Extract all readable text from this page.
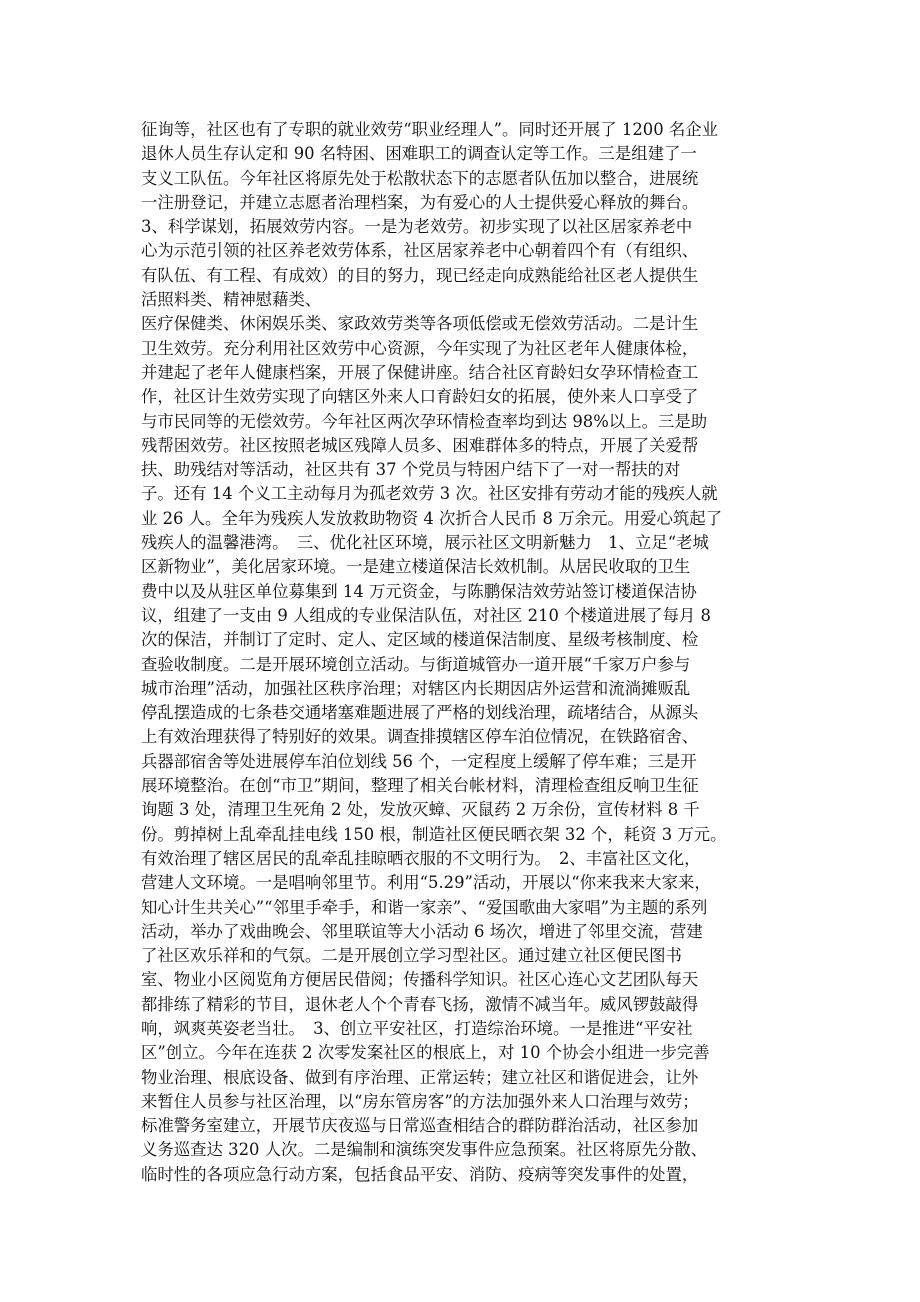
征询等，社区也有了专职的就业效劳“职业经理人”。同时还开展了 1200 名企业
退休人员生存认定和 90 名特困、困难职工的调查认定等工作。三是组建了一
支义工队伍。今年社区将原先处于松散状态下的志愿者队伍加以整合，进展统
一注册登记，并建立志愿者治理档案，为有爱心的人士提供爱心释放的舞台。
3、科学谋划，拓展效劳内容。一是为老效劳。初步实现了以社区居家养老中
心为示范引领的社区养老效劳体系，社区居家养老中心朝着四个有（有组织、
有队伍、有工程、有成效）的目的努力，现已经走向成熟能给社区老人提供生
活照料类、精神慰藉类、
医疗保健类、休闲娱乐类、家政效劳类等各项低偿或无偿效劳活动。二是计生
卫生效劳。充分利用社区效劳中心资源，今年实现了为社区老年人健康体检，
并建起了老年人健康档案，开展了保健讲座。结合社区育龄妇女孕环情检查工
作，社区计生效劳实现了向辖区外来人口育龄妇女的拓展，使外来人口享受了
与市民同等的无偿效劳。今年社区两次孕环情检查率均到达 98%以上。三是助
残帮困效劳。社区按照老城区残障人员多、困难群体多的特点，开展了关爱帮
扶、助残结对等活动，社区共有 37 个党员与特困户结下了一对一帮扶的对
子。还有 14 个义工主动每月为孤老效劳 3 次。社区安排有劳动才能的残疾人就
业 26 人。全年为残疾人发放救助物资 4 次折合人民币 8 万余元。用爱心筑起了
残疾人的温馨港湾。　三、优化社区环境，展示社区文明新魅力　1、立足“老城
区新物业”，美化居家环境。一是建立楼道保洁长效机制。从居民收取的卫生
费中以及从驻区单位募集到 14 万元资金，与陈鹏保洁效劳站签订楼道保洁协
议，组建了一支由 9 人组成的专业保洁队伍，对社区 210 个楼道进展了每月 8
次的保洁，并制订了定时、定人、定区域的楼道保洁制度、星级考核制度、检
查验收制度。二是开展环境创立活动。与街道城管办一道开展“千家万户参与
城市治理”活动，加强社区秩序治理；对辖区内长期因店外运营和流淌摊贩乱
停乱摆造成的七条巷交通堵塞难题进展了严格的划线治理，疏堵结合，从源头
上有效治理获得了特别好的效果。调查排摸辖区停车泊位情况，在铁路宿舍、
兵器部宿舍等处进展停车泊位划线 56 个，一定程度上缓解了停车难；三是开
展环境整治。在创“市卫”期间，整理了相关台帐材料，清理检查组反响卫生征
询题 3 处，清理卫生死角 2 处，发放灭蟑、灭鼠药 2 万余份，宣传材料 8 千
份。剪掉树上乱牵乱挂电线 150 根，制造社区便民晒衣架 32 个，耗资 3 万元。
有效治理了辖区居民的乱牵乱挂晾晒衣服的不文明行为。　2、丰富社区文化，
营建人文环境。一是唱响邻里节。利用“5.29”活动，开展以“你来我来大家来，
知心计生共关心”“邻里手牵手，和谐一家亲”、“爱国歌曲大家唱”为主题的系列
活动，举办了戏曲晚会、邻里联谊等大小活动 6 场次，增进了邻里交流，营建
了社区欢乐祥和的气氛。二是开展创立学习型社区。通过建立社区便民图书
室、物业小区阅览角方便居民借阅；传播科学知识。社区心连心文艺团队每天
都排练了精彩的节目，退休老人个个青春飞扬，激情不减当年。威风锣鼓敲得
响，飒爽英姿老当壮。　3、创立平安社区，打造综治环境。一是推进“平安社
区”创立。今年在连获 2 次零发案社区的根底上，对 10 个协会小组进一步完善
物业治理、根底设备、做到有序治理、正常运转；建立社区和谐促进会，让外
来暂住人员参与社区治理，以“房东管房客”的方法加强外来人口治理与效劳；
标准警务室建立，开展节庆夜巡与日常巡查相结合的群防群治活动，社区参加
义务巡查达 320 人次。二是编制和演练突发事件应急预案。社区将原先分散、
临时性的各项应急行动方案，包括食品平安、消防、疫病等突发事件的处置，
